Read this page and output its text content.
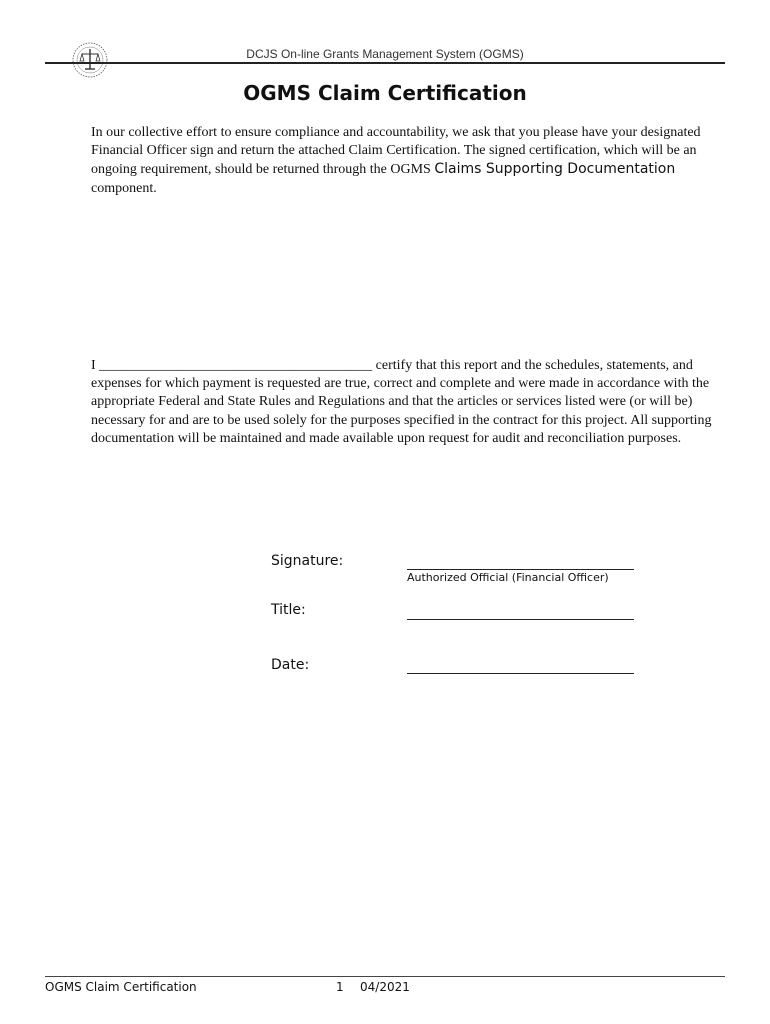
· · ·
DCJS On-line Grants Management System (OGMS)
OGMS Claim Certification
In our collective effort to ensure compliance and accountability, we ask that you please have your designated Financial Officer sign and return the attached Claim Certification. The signed certification, which will be an ongoing requirement, should be returned through the OGMS Claims Supporting Documentation component.
I _______________________________________ certify that this report and the schedules, statements, and expenses for which payment is requested are true, correct and complete and were made in accordance with the appropriate Federal and State Rules and Regulations and that the articles or services listed were (or will be) necessary for and are to be used solely for the purposes specified in the contract for this project. All supporting documentation will be maintained and made available upon request for audit and reconciliation purposes.
Signature:
Authorized Official (Financial Officer)
Title:
Date:
OGMS Claim Certification	1 04/2021
